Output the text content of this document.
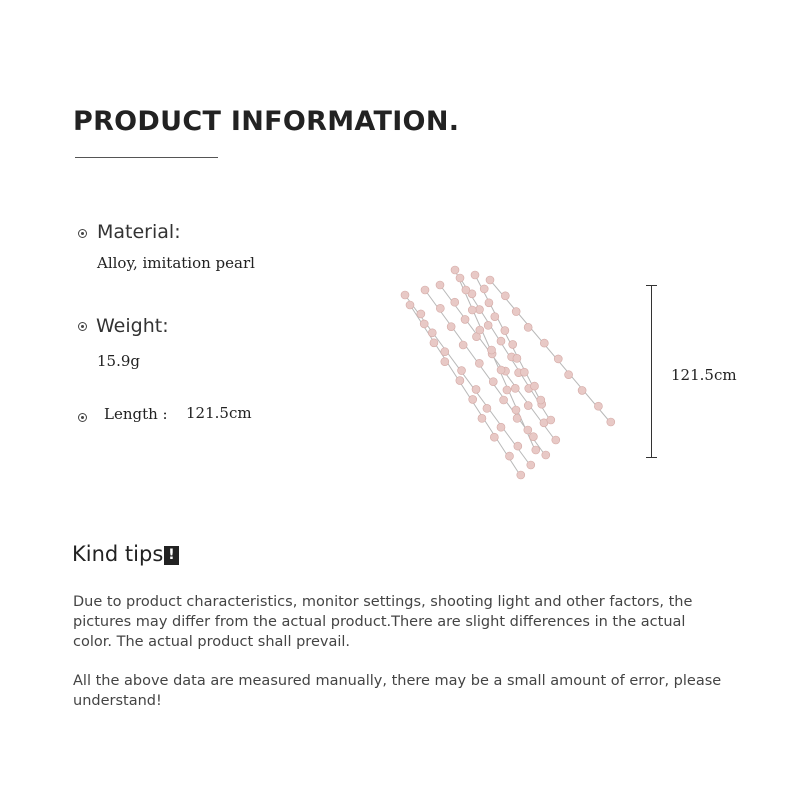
PRODUCT INFORMATION.
Material:
Alloy, imitation pearl
Weight:
15.9g
Length : 121.5cm
121.5cm
Kind tips !
Due to product characteristics, monitor settings, shooting light and other factors, the pictures may differ from the actual product.There are slight differences in the actual color. The actual product shall prevail.
All the above data are measured manually, there may be a small amount of error, please understand!
